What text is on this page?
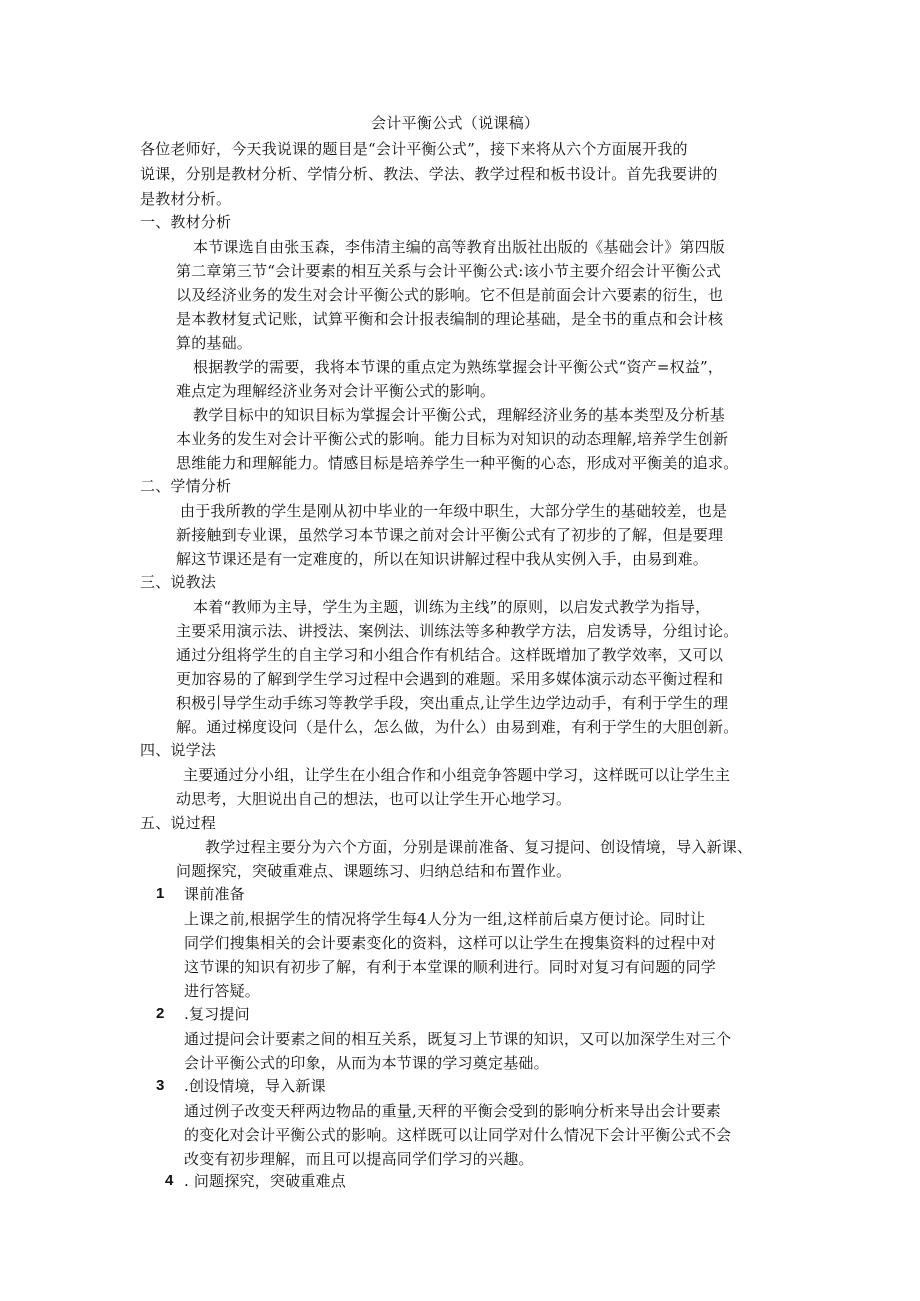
会计平衡公式（说课稿）
各位老师好，今天我说课的题目是“会计平衡公式”，接下来将从六个方面展开我的
说课，分别是教材分析、学情分析、教法、学法、教学过程和板书设计。首先我要讲的
是教材分析。
一、教材分析
本节课选自由张玉森，李伟清主编的高等教育出版社出版的《基础会计》第四版
第二章第三节“会计要素的相互关系与会计平衡公式:该小节主要介绍会计平衡公式
以及经济业务的发生对会计平衡公式的影响。它不但是前面会计六要素的衍生，也
是本教材复式记账，试算平衡和会计报表编制的理论基础，是全书的重点和会计核
算的基础。
根据教学的需要，我将本节课的重点定为熟练掌握会计平衡公式“资产=权益”，
难点定为理解经济业务对会计平衡公式的影响。
教学目标中的知识目标为掌握会计平衡公式，理解经济业务的基本类型及分析基
本业务的发生对会计平衡公式的影响。能力目标为对知识的动态理解,培养学生创新
思维能力和理解能力。情感目标是培养学生一种平衡的心态，形成对平衡美的追求。
二、学情分析
由于我所教的学生是刚从初中毕业的一年级中职生，大部分学生的基础较差，也是
新接触到专业课，虽然学习本节课之前对会计平衡公式有了初步的了解，但是要理
解这节课还是有一定难度的，所以在知识讲解过程中我从实例入手，由易到难。
三、说教法
本着“教师为主导，学生为主题，训练为主线”的原则，以启发式教学为指导，
主要采用演示法、讲授法、案例法、训练法等多种教学方法，启发诱导，分组讨论。
通过分组将学生的自主学习和小组合作有机结合。这样既增加了教学效率，又可以
更加容易的了解到学生学习过程中会遇到的难题。采用多媒体演示动态平衡过程和
积极引导学生动手练习等教学手段，突出重点,让学生边学边动手，有利于学生的理
解。通过梯度设问（是什么，怎么做，为什么）由易到难，有利于学生的大胆创新。
四、说学法
主要通过分小组，让学生在小组合作和小组竞争答题中学习，这样既可以让学生主
动思考，大胆说出自己的想法，也可以让学生开心地学习。
五、说过程
教学过程主要分为六个方面，分别是课前准备、复习提问、创设情境，导入新课、
问题探究，突破重难点、课题练习、归纳总结和布置作业。
1 课前准备
上课之前,根据学生的情况将学生每4人分为一组,这样前后桌方便讨论。同时让
同学们搜集相关的会计要素变化的资料，这样可以让学生在搜集资料的过程中对
这节课的知识有初步了解，有利于本堂课的顺利进行。同时对复习有问题的同学
进行答疑。
2 .复习提问
通过提问会计要素之间的相互关系，既复习上节课的知识，又可以加深学生对三个
会计平衡公式的印象，从而为本节课的学习奠定基础。
3 .创设情境，导入新课
通过例子改变天秤两边物品的重量,天秤的平衡会受到的影响分析来导出会计要素
的变化对会计平衡公式的影响。这样既可以让同学对什么情况下会计平衡公式不会
改变有初步理解，而且可以提高同学们学习的兴趣。
4 . 问题探究，突破重难点
